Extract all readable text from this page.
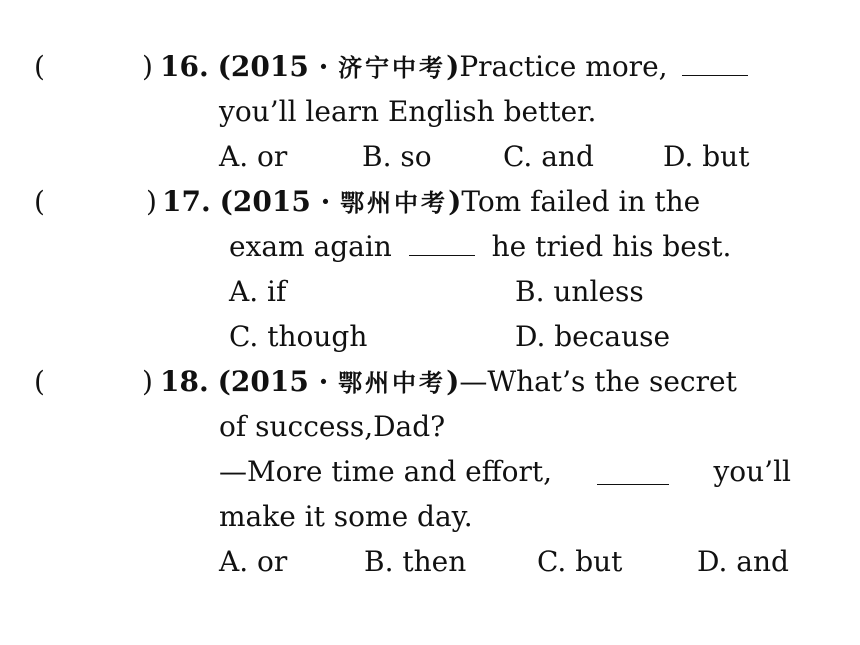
(	) 16. (2015 · 济宁中考)Practice more,
you’ll learn English better.
A. or	B. so	C. and D. but
(	) 17. (2015 · 鄂州中考)Tom failed in the
exam again	he tried his best.
A. if	B. unless
C. though	D. because
(	) 18. (2015 · 鄂州中考)—What’s the secret
of success,Dad?
—More time and effort,	you’ll
make it some day.
A. or	B. then	C. but	D. and
